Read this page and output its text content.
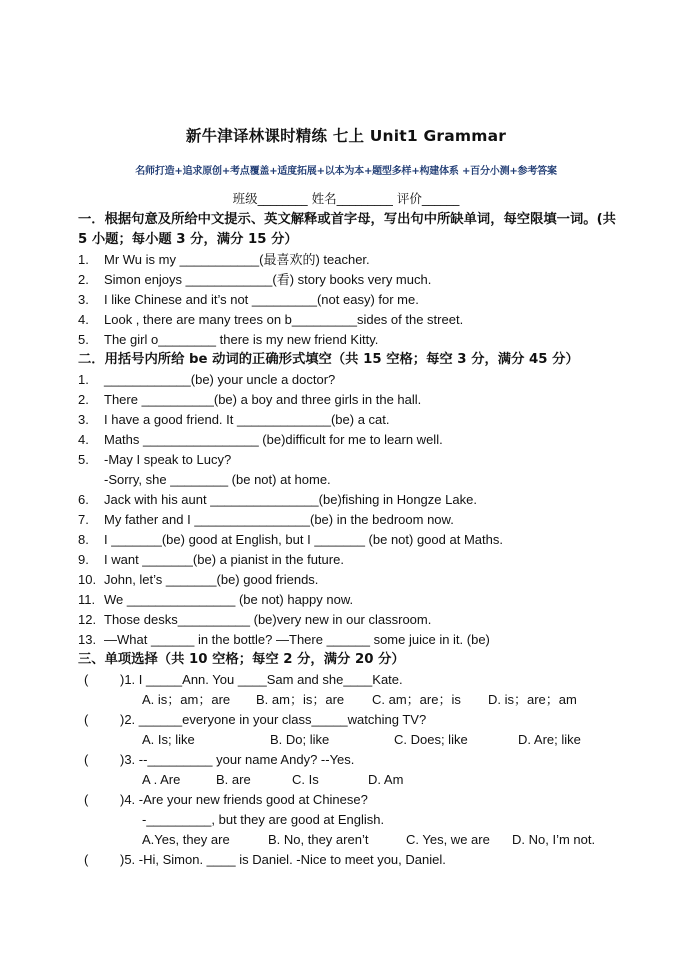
新牛津译林课时精练 七上 Unit1 Grammar
名师打造+追求原创+考点覆盖+适度拓展+以本为本+题型多样+构建体系 +百分小测+参考答案
班级________ 姓名_________ 评价______

一．根据句意及所给中文提示、英文解释或首字母，写出句中所缺单词，每空限填一词。(共 5 小题；每小题 3 分，满分 15 分）

1. Mr Wu is my ___________(最喜欢的) teacher.
2. Simon enjoys ____________(看) story books very much.
3. I like Chinese and it’s not _________(not easy) for me.
4. Look , there are many trees on b_________sides of the street.
5. The girl o________ there is my new friend Kitty.

二．用括号内所给 be 动词的正确形式填空（共 15 空格；每空 3 分，满分 45 分）

1. ____________(be) your uncle a doctor?
2. There __________(be) a boy and three girls in the hall.
3. I have a good friend. It _____________(be) a cat.
4. Maths ________________ (be)difficult for me to learn well.
5. -May I speak to Lucy?
-Sorry, she ________ (be not) at home.
6. Jack with his aunt _______________(be)fishing in Hongze Lake.
7. My father and I ________________(be) in the bedroom now.
8. I _______(be) good at English, but I _______ (be not) good at Maths.
9. I want _______(be) a pianist in the future.
10. John, let’s _______(be) good friends.
11. We _______________ (be not) happy now.
12. Those desks__________ (be)very new in our classroom.
13. —What ______ in the bottle? —There ______ some juice in it. (be)

三、单项选择（共 10 空格；每空 2 分，满分 20 分）

( )1. I _____Ann. You ____Sam and she____Kate.
A. is；am；are B. am；is；are C. am；are；is D. is；are；am
( )2. ______everyone in your class_____watching TV?
A. Is; like	B. Do; like	C. Does; like	D. Are; like
( )3. --_________ your name Andy? --Yes.
A . Are	B. are	C. Is	D. Am
( )4. -Are your new friends good at Chinese?
-_________, but they are good at English.
A.Yes, they are	B. No, they aren’t	C. Yes, we are D. No, I’m not.
( )5. -Hi, Simon. ____ is Daniel. -Nice to meet you, Daniel.
